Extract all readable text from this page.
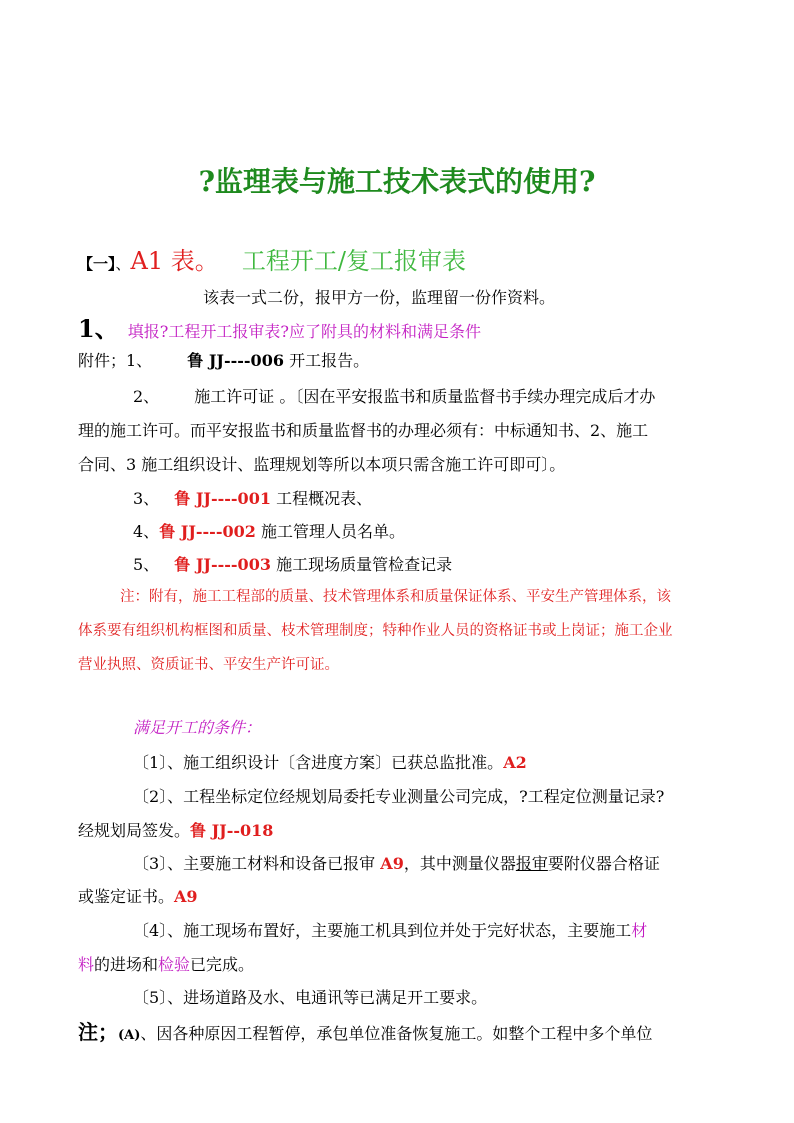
?监理表与施工技术表式的使用?
【一】、A1 表。 工程开工/复工报审表
该表一式二份，报甲方一份，监理留一份作资料。
1、 填报?工程开工报审表?应了附具的材料和满足条件
附件；1、 鲁 JJ----006 开工报告。
2、 施工许可证 。〔因在平安报监书和质量监督书手续办理完成后才办
理的施工许可。而平安报监书和质量监督书的办理必须有：中标通知书、2、施工
合同、3 施工组织设计、监理规划等所以本项只需含施工许可即可〕。
3、 鲁 JJ----001 工程概况表、
4、鲁 JJ----002 施工管理人员名单。
5、 鲁 JJ----003 施工现场质量管检查记录
注：附有，施工工程部的质量、技术管理体系和质量保证体系、平安生产管理体系，该
体系要有组织机构框图和质量、枝术管理制度；特种作业人员的资格证书或上岗证；施工企业
营业执照、资质证书、平安生产许可证。
满足开工的条件：
〔1〕、施工组织设计〔含进度方案〕已获总监批准。A2
〔2〕、工程坐标定位经规划局委托专业测量公司完成，?工程定位测量记录?
经规划局签发。鲁 JJ--018
〔3〕、主要施工材料和设备已报审 A9，其中测量仪器报审要附仪器合格证
或鉴定证书。A9
〔4〕、施工现场布置好，主要施工机具到位并处于完好状态，主要施工材
料的进场和检验已完成。
〔5〕、进场道路及水、电通讯等已满足开工要求。
注；(A)、因各种原因工程暂停，承包单位准备恢复施工。如整个工程中多个单位
